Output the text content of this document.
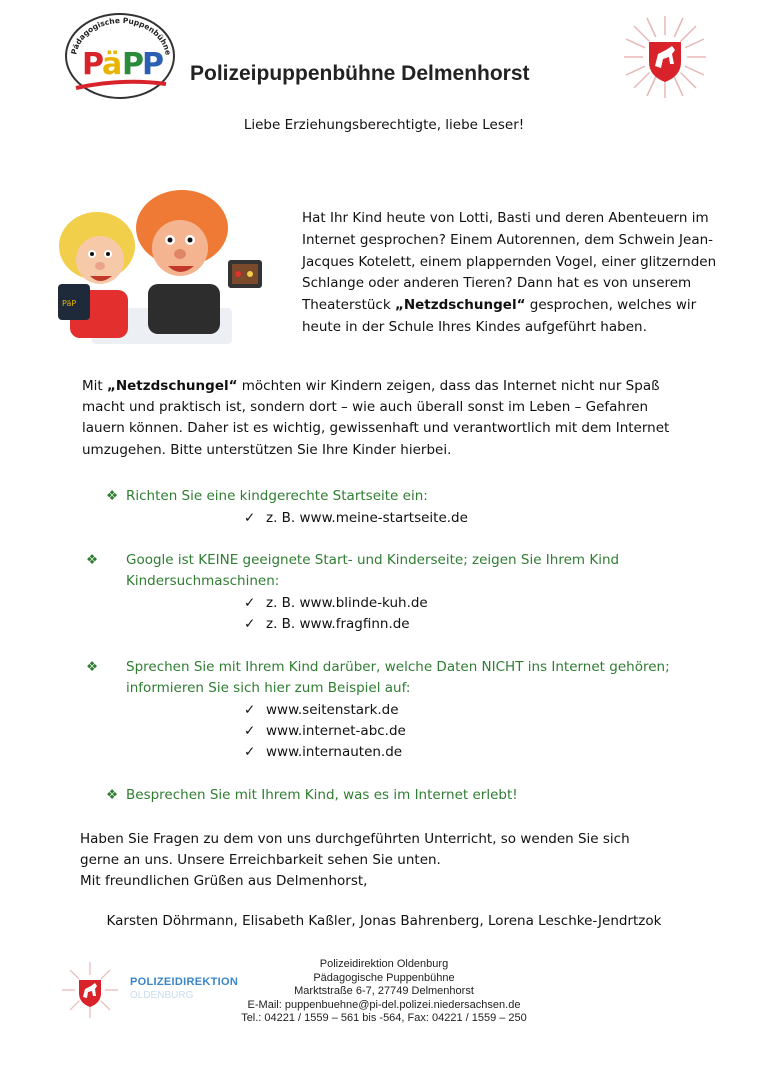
Pädagogische Puppenbühne
P
ä P
P Polizeipuppenbühne Delmenhorst
Liebe Erziehungsberechtigte, liebe Leser!
PäP
Hat Ihr Kind heute von Lotti, Basti und deren Abenteuern im Internet gesprochen? Einem Autorennen, dem Schwein Jean-Jacques Kotelett, einem plappernden Vogel, einer glitzernden Schlange oder anderen Tieren? Dann hat es von unserem Theaterstück „Netzdschungel“ gesprochen, welches wir heute in der Schule Ihres Kindes aufgeführt haben.
Mit „Netzdschungel“ möchten wir Kindern zeigen, dass das Internet nicht nur Spaß macht und praktisch ist, sondern dort – wie auch überall sonst im Leben – Gefahren lauern können. Daher ist es wichtig, gewissenhaft und verantwortlich mit dem Internet umzugehen. Bitte unterstützen Sie Ihre Kinder hierbei.
❖ Richten Sie eine kindgerechte Startseite ein:
✓ z. B. www.meine-startseite.de
❖ Google ist KEINE geeignete Start- und Kinderseite; zeigen Sie Ihrem Kind Kindersuchmaschinen:
✓ z. B. www.blinde-kuh.de
✓ z. B. www.fragfinn.de
❖ Sprechen Sie mit Ihrem Kind darüber, welche Daten NICHT ins Internet gehören; informieren Sie sich hier zum Beispiel auf:
✓ www.seitenstark.de
✓ www.internet-abc.de
✓ www.internauten.de
❖ Besprechen Sie mit Ihrem Kind, was es im Internet erlebt!
Haben Sie Fragen zu dem von uns durchgeführten Unterricht, so wenden Sie sich
gerne an uns. Unsere Erreichbarkeit sehen Sie unten.
Mit freundlichen Grüßen aus Delmenhorst,
Karsten Döhrmann, Elisabeth Kaßler, Jonas Bahrenberg, Lorena Leschke-Jendrtzok
POLIZEIDIREKTION
OLDENBURG
Polizeidirektion Oldenburg
Pädagogische Puppenbühne
Marktstraße 6-7, 27749 Delmenhorst
E-Mail: puppenbuehne@pi-del.polizei.niedersachsen.de
Tel.: 04221 / 1559 – 561 bis -564, Fax: 04221 / 1559 – 250
